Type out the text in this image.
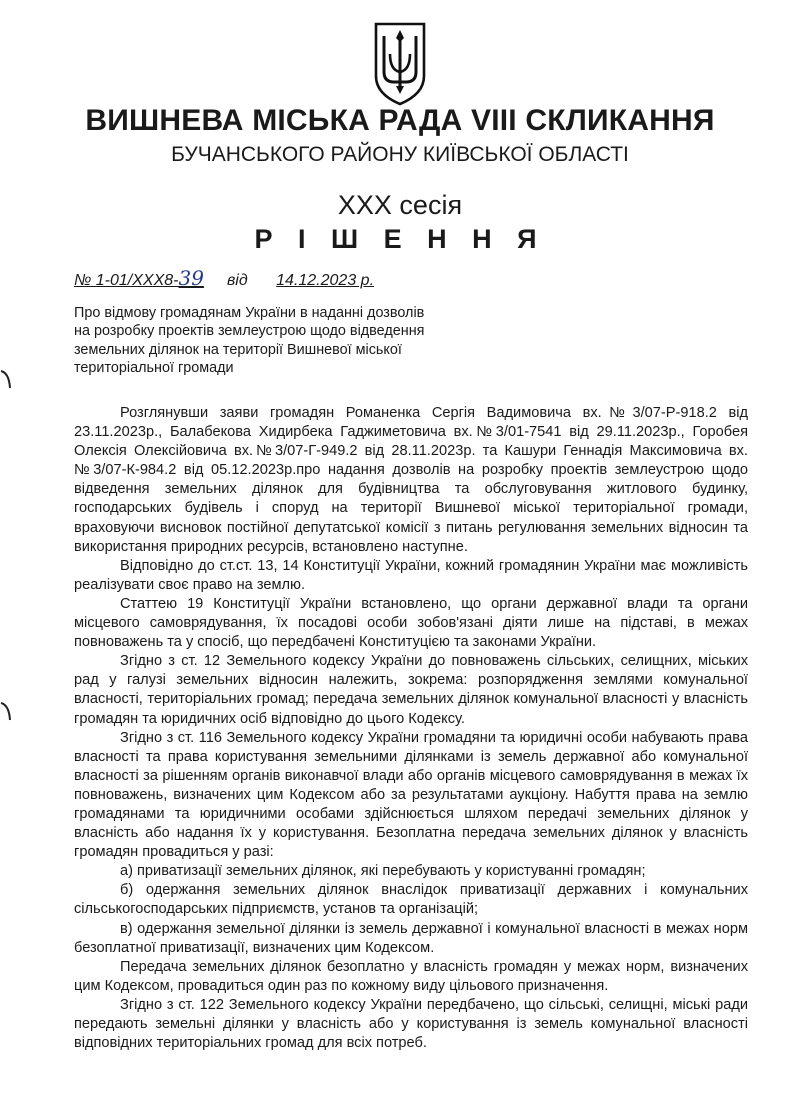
ВИШНЕВА МІСЬКА РАДА VIII СКЛИКАННЯ
БУЧАНСЬКОГО РАЙОНУ КИЇВСЬКОЇ ОБЛАСТІ
XXX сесія
Р І Ш Е Н Н Я
№ 1-01/XXX8-39 від 14.12.2023 р.
Про відмову громадянам України в наданні дозволів
на розробку проектів землеустрою щодо відведення
земельних ділянок на території Вишневої міської
територіальної громади

Розглянувши заяви громадян Романенка Сергія Вадимовича вх.№3/07-Р-918.2 від 23.11.2023р., Балабекова Хидирбека Гаджиметовича вх.№3/01-7541 від 29.11.2023р., Горобея Олексія Олексійовича вх.№3/07-Г-949.2 від 28.11.2023р. та Кашури Геннадія Максимовича вх.№3/07-К-984.2 від 05.12.2023р.про надання дозволів на розробку проектів землеустрою щодо відведення земельних ділянок для будівництва та обслуговування житлового будинку, господарських будівель і споруд на території Вишневої міської територіальної громади, враховуючи висновок постійної депутатської комісії з питань регулювання земельних відносин та використання природних ресурсів, встановлено наступне.

Відповідно до ст.ст. 13, 14 Конституції України, кожний громадянин України має можливість реалізувати своє право на землю.

Статтею 19 Конституції України встановлено, що органи державної влади та органи місцевого самоврядування, їх посадові особи зобов'язані діяти лише на підставі, в межах повноважень та у спосіб, що передбачені Конституцією та законами України.

Згідно з ст. 12 Земельного кодексу України до повноважень сільських, селищних, міських рад у галузі земельних відносин належить, зокрема: розпорядження землями комунальної власності, територіальних громад; передача земельних ділянок комунальної власності у власність громадян та юридичних осіб відповідно до цього Кодексу.

Згідно з ст. 116 Земельного кодексу України громадяни та юридичні особи набувають права власності та права користування земельними ділянками із земель державної або комунальної власності за рішенням органів виконавчої влади або органів місцевого самоврядування в межах їх повноважень, визначених цим Кодексом або за результатами аукціону. Набуття права на землю громадянами та юридичними особами здійснюється шляхом передачі земельних ділянок у власність або надання їх у користування. Безоплатна передача земельних ділянок у власність громадян провадиться у разі:

а) приватизації земельних ділянок, які перебувають у користуванні громадян;

б) одержання земельних ділянок внаслідок приватизації державних і комунальних сільськогосподарських підприємств, установ та організацій;

в) одержання земельної ділянки із земель державної і комунальної власності в межах норм безоплатної приватизації, визначених цим Кодексом.

Передача земельних ділянок безоплатно у власність громадян у межах норм, визначених цим Кодексом, провадиться один раз по кожному виду цільового призначення.

Згідно з ст. 122 Земельного кодексу України передбачено, що сільські, селищні, міські ради передають земельні ділянки у власність або у користування із земель комунальної власності відповідних територіальних громад для всіх потреб.
